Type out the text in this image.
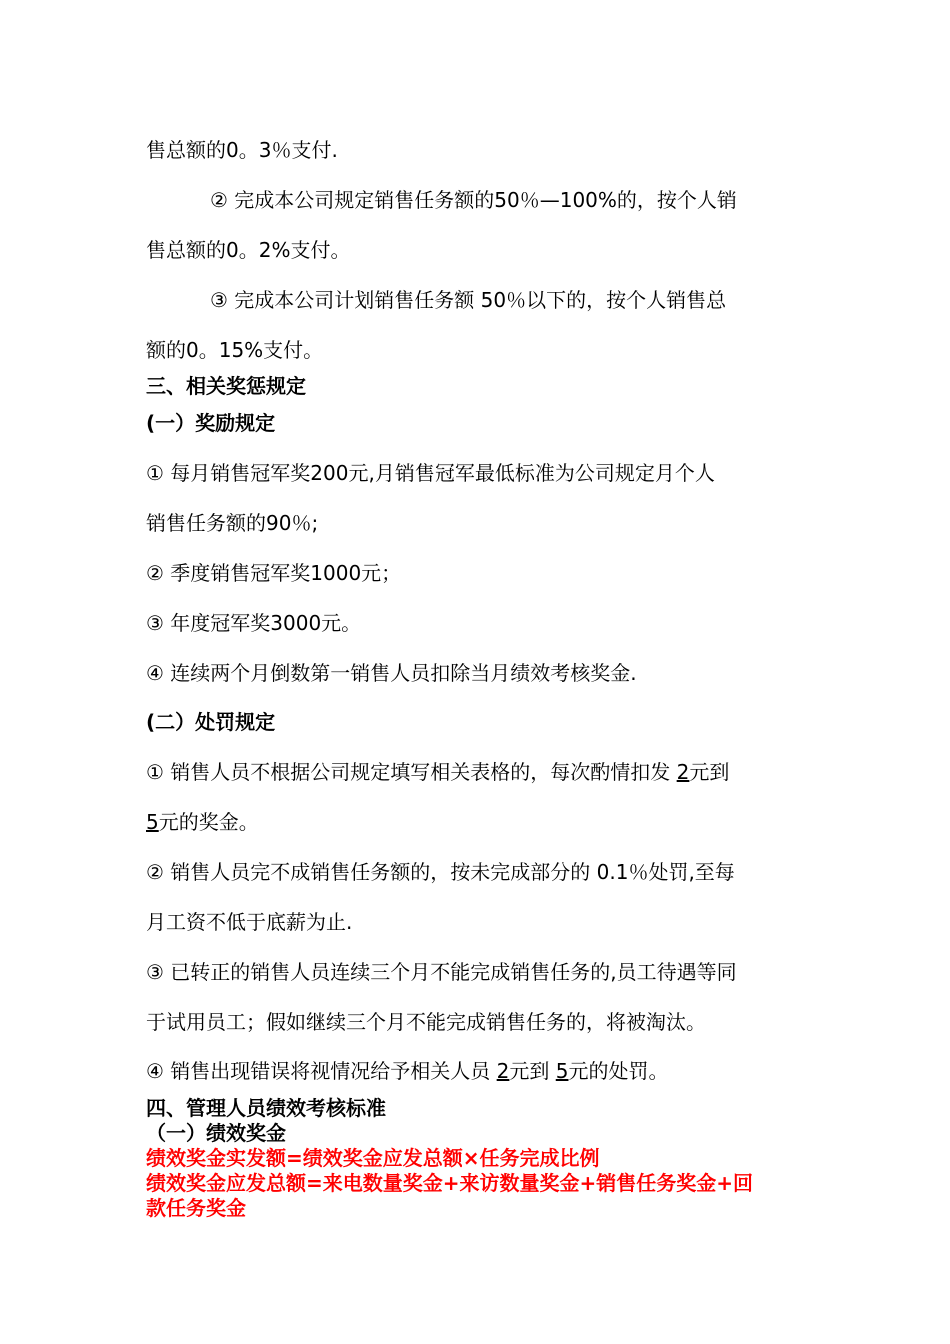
售总额的0。3％支付.
② 完成本公司规定销售任务额的50％—100%的，按个人销
售总额的0。2%支付。
③ 完成本公司计划销售任务额 50％以下的，按个人销售总
额的0。15%支付。
三、相关奖惩规定
(一）奖励规定
① 每月销售冠军奖200元,月销售冠军最低标准为公司规定月个人
销售任务额的90％;
② 季度销售冠军奖1000元；
③ 年度冠军奖3000元。
④ 连续两个月倒数第一销售人员扣除当月绩效考核奖金.
(二）处罚规定
① 销售人员不根据公司规定填写相关表格的，每次酌情扣发 2元到
5元的奖金。
② 销售人员完不成销售任务额的，按未完成部分的 0.1％处罚,至每
月工资不低于底薪为止.
③ 已转正的销售人员连续三个月不能完成销售任务的,员工待遇等同
于试用员工；假如继续三个月不能完成销售任务的，将被淘汰。
④ 销售出现错误将视情况给予相关人员 2元到 5元的处罚。
四、管理人员绩效考核标准
（一）绩效奖金
绩效奖金实发额=绩效奖金应发总额×任务完成比例
绩效奖金应发总额=来电数量奖金+来访数量奖金+销售任务奖金+回
款任务奖金
